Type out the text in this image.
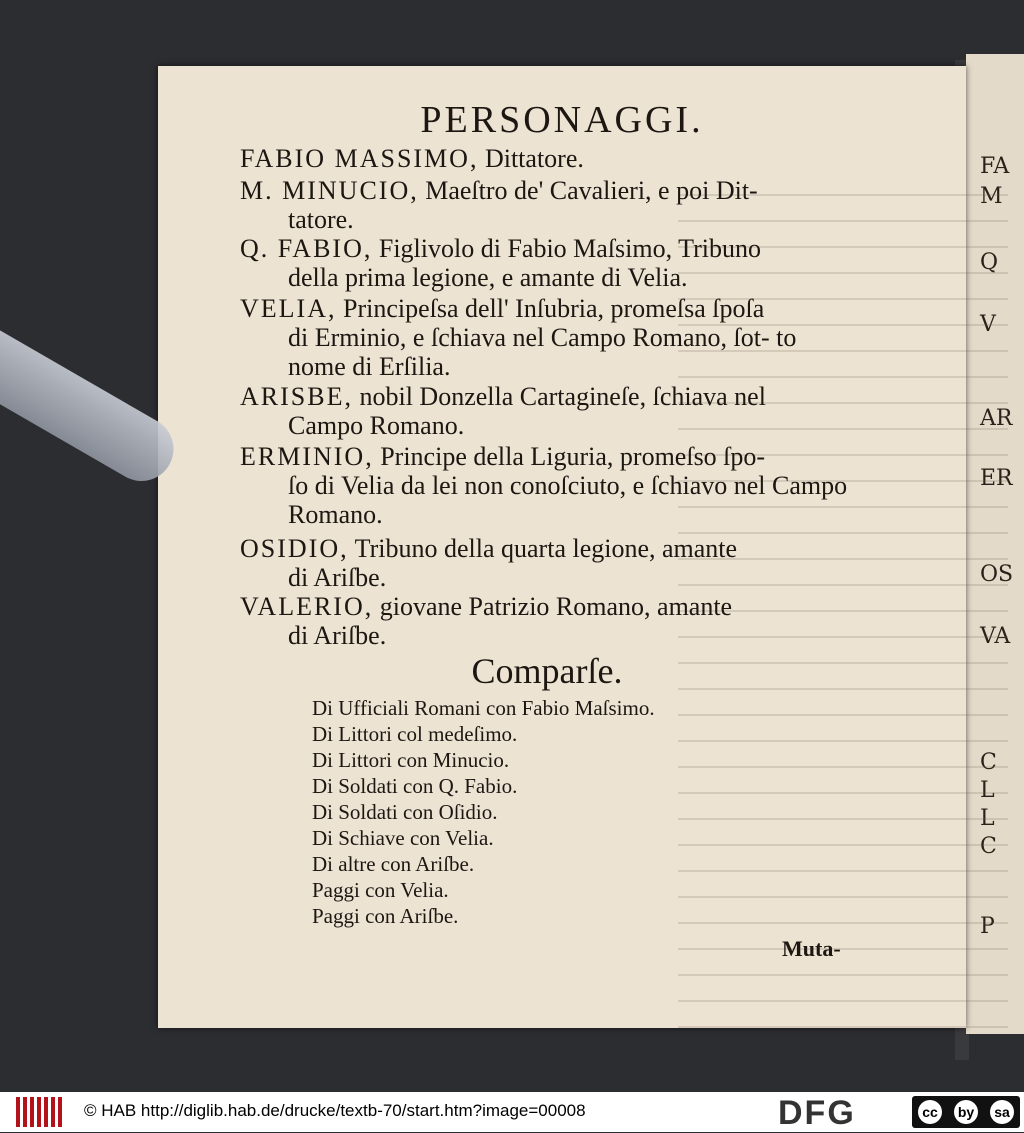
FA
M
Q
V
AR
ER
OS
VA
C
L
L
C
P
PERSONAGGI.
FABIO MASSIMO, Dittatore.
M. MINUCIO, Maeſtro de' Cavalieri, e poi Dit-
tatore.
Q. FABIO, Figlivolo di Fabio Maſsimo, Tribuno
della prima legione, e amante di Velia.
VELIA, Principeſsa dell' Inſubria, promeſsa ſpoſa
di Erminio, e ſchiava nel Campo Romano, ſot- to nome di Erſilia.
ARISBE, nobil Donzella Cartagineſe, ſchiava nel
Campo Romano.
ERMINIO, Principe della Liguria, promeſso ſpo-
ſo di Velia da lei non conoſciuto, e ſchiavo nel Campo Romano.
OSIDIO, Tribuno della quarta legione, amante
di Ariſbe.
VALERIO, giovane Patrizio Romano, amante
di Ariſbe.
Comparſe.
Di Ufficiali Romani con Fabio Maſsimo.
Di Littori col medeſimo.
Di Littori con Minucio.
Di Soldati con Q. Fabio.
Di Soldati con Oſidio.
Di Schiave con Velia.
Di altre con Ariſbe.
Paggi con Velia.
Paggi con Ariſbe.
Muta-
© HAB http://diglib.hab.de/drucke/textb-70/start.htm?image=00008	DFG	cc	by	sa
